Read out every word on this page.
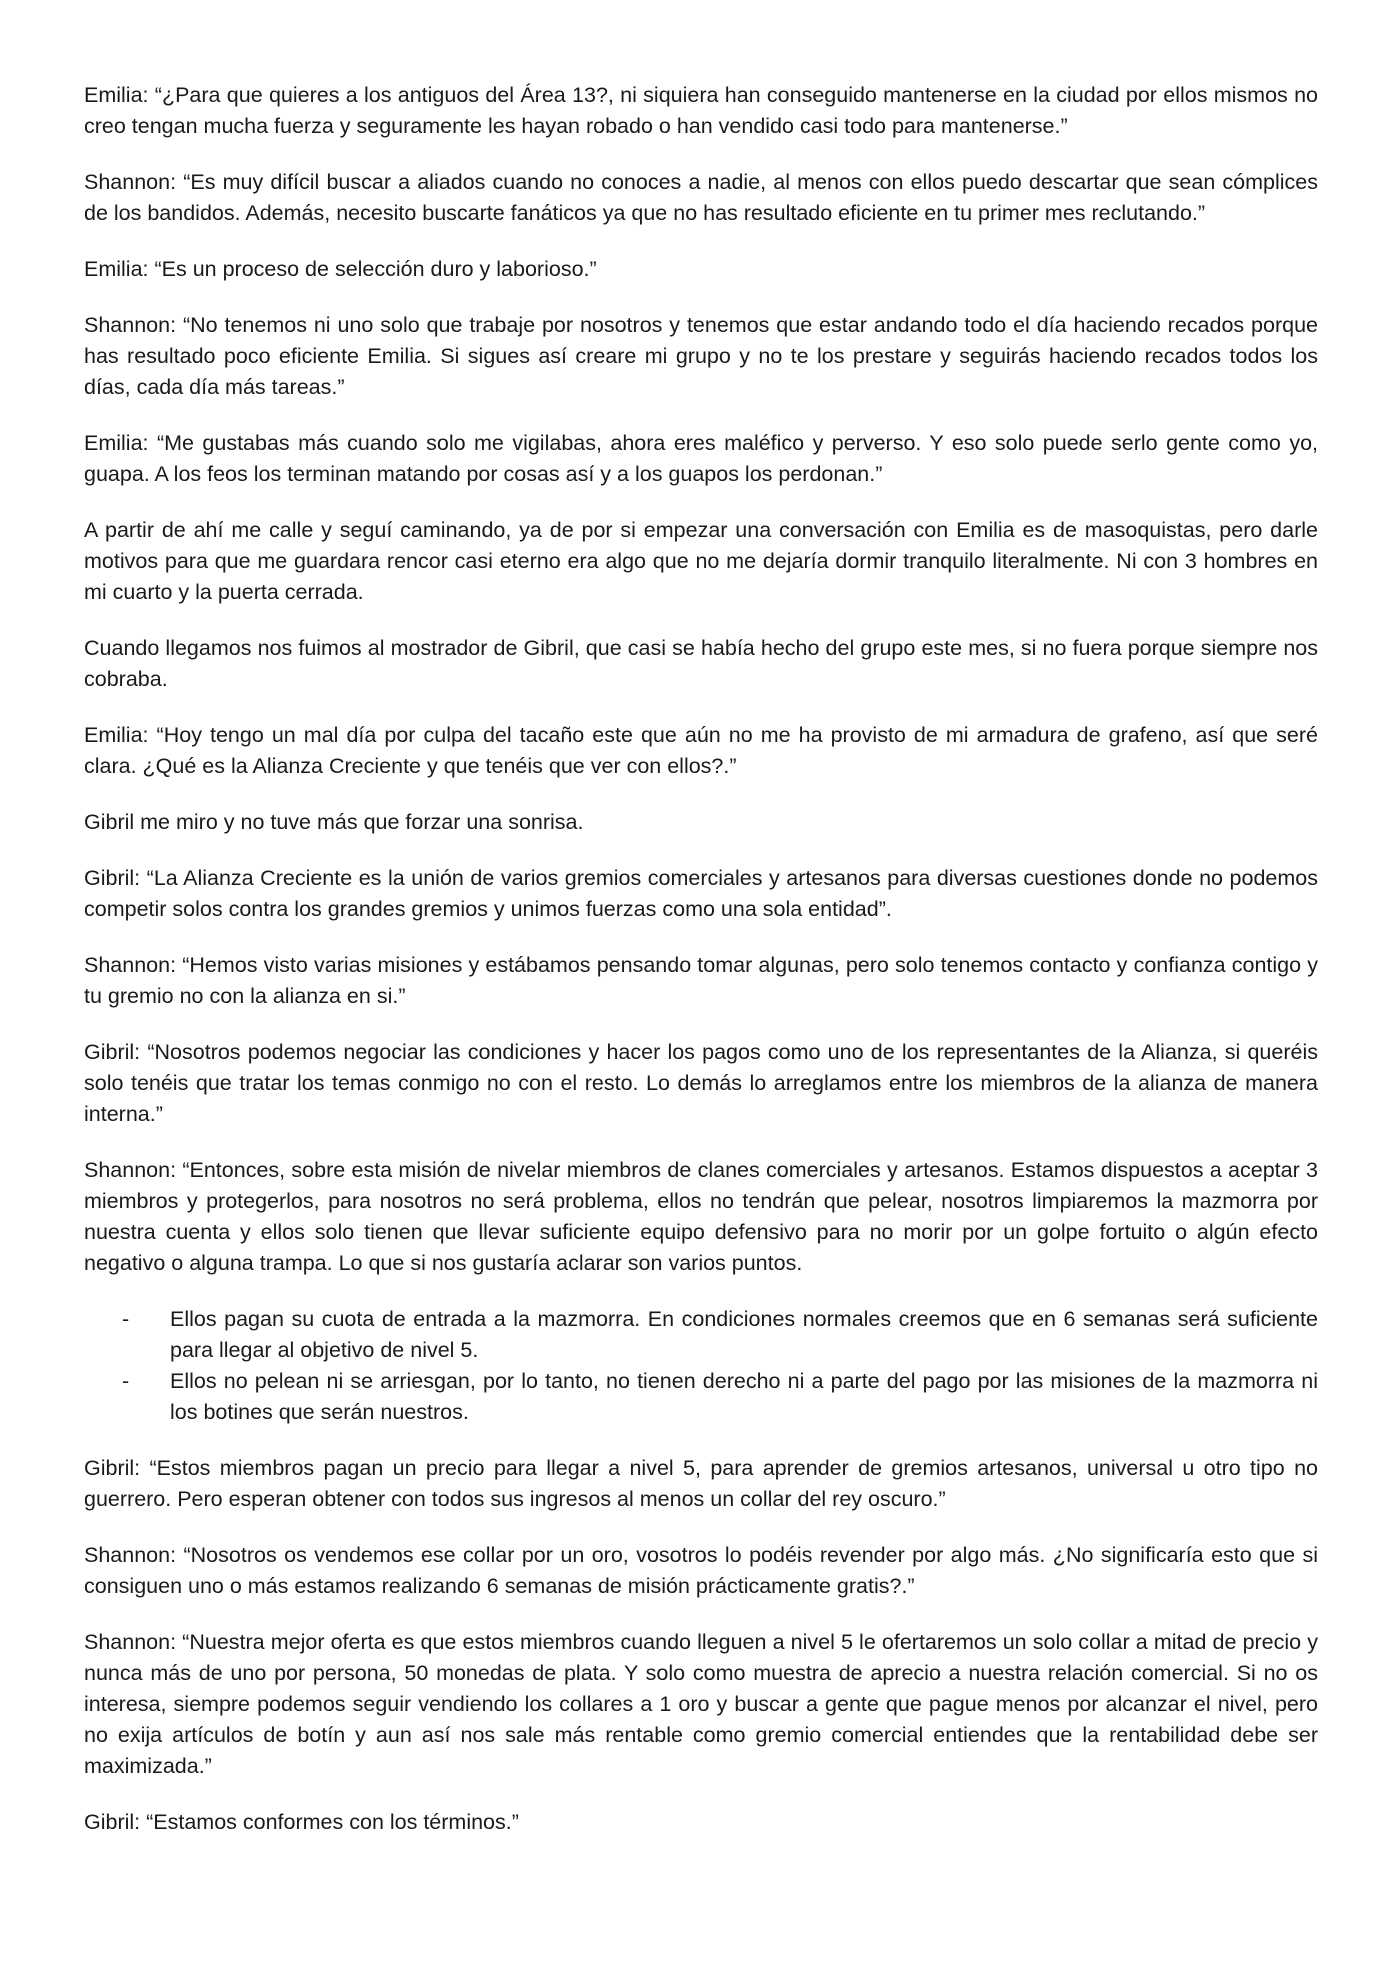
Emilia: “¿Para que quieres a los antiguos del Área 13?, ni siquiera han conseguido mantenerse en la ciudad por ellos mismos no creo tengan mucha fuerza y seguramente les hayan robado o han vendido casi todo para mantenerse.”

Shannon: “Es muy difícil buscar a aliados cuando no conoces a nadie, al menos con ellos puedo descartar que sean cómplices de los bandidos. Además, necesito buscarte fanáticos ya que no has resultado eficiente en tu primer mes reclutando.”

Emilia: “Es un proceso de selección duro y laborioso.”

Shannon: “No tenemos ni uno solo que trabaje por nosotros y tenemos que estar andando todo el día haciendo recados porque has resultado poco eficiente Emilia. Si sigues así creare mi grupo y no te los prestare y seguirás haciendo recados todos los días, cada día más tareas.”

Emilia: “Me gustabas más cuando solo me vigilabas, ahora eres maléfico y perverso. Y eso solo puede serlo gente como yo, guapa. A los feos los terminan matando por cosas así y a los guapos los perdonan.”

A partir de ahí me calle y seguí caminando, ya de por si empezar una conversación con Emilia es de masoquistas, pero darle motivos para que me guardara rencor casi eterno era algo que no me dejaría dormir tranquilo literalmente. Ni con 3 hombres en mi cuarto y la puerta cerrada.

Cuando llegamos nos fuimos al mostrador de Gibril, que casi se había hecho del grupo este mes, si no fuera porque siempre nos cobraba.

Emilia: “Hoy tengo un mal día por culpa del tacaño este que aún no me ha provisto de mi armadura de grafeno, así que seré clara. ¿Qué es la Alianza Creciente y que tenéis que ver con ellos?.”

Gibril me miro y no tuve más que forzar una sonrisa.

Gibril: “La Alianza Creciente es la unión de varios gremios comerciales y artesanos para diversas cuestiones donde no podemos competir solos contra los grandes gremios y unimos fuerzas como una sola entidad”.

Shannon: “Hemos visto varias misiones y estábamos pensando tomar algunas, pero solo tenemos contacto y confianza contigo y tu gremio no con la alianza en si.”

Gibril: “Nosotros podemos negociar las condiciones y hacer los pagos como uno de los representantes de la Alianza, si queréis solo tenéis que tratar los temas conmigo no con el resto. Lo demás lo arreglamos entre los miembros de la alianza de manera interna.”

Shannon: “Entonces, sobre esta misión de nivelar miembros de clanes comerciales y artesanos. Estamos dispuestos a aceptar 3 miembros y protegerlos, para nosotros no será problema, ellos no tendrán que pelear, nosotros limpiaremos la mazmorra por nuestra cuenta y ellos solo tienen que llevar suficiente equipo defensivo para no morir por un golpe fortuito o algún efecto negativo o alguna trampa. Lo que si nos gustaría aclarar son varios puntos.

- Ellos pagan su cuota de entrada a la mazmorra. En condiciones normales creemos que en 6 semanas será suficiente para llegar al objetivo de nivel 5.
- Ellos no pelean ni se arriesgan, por lo tanto, no tienen derecho ni a parte del pago por las misiones de la mazmorra ni los botines que serán nuestros.

Gibril: “Estos miembros pagan un precio para llegar a nivel 5, para aprender de gremios artesanos, universal u otro tipo no guerrero. Pero esperan obtener con todos sus ingresos al menos un collar del rey oscuro.”

Shannon: “Nosotros os vendemos ese collar por un oro, vosotros lo podéis revender por algo más. ¿No significaría esto que si consiguen uno o más estamos realizando 6 semanas de misión prácticamente gratis?.”

Shannon: “Nuestra mejor oferta es que estos miembros cuando lleguen a nivel 5 le ofertaremos un solo collar a mitad de precio y nunca más de uno por persona, 50 monedas de plata. Y solo como muestra de aprecio a nuestra relación comercial. Si no os interesa, siempre podemos seguir vendiendo los collares a 1 oro y buscar a gente que pague menos por alcanzar el nivel, pero no exija artículos de botín y aun así nos sale más rentable como gremio comercial entiendes que la rentabilidad debe ser maximizada.”

Gibril: “Estamos conformes con los términos.”
